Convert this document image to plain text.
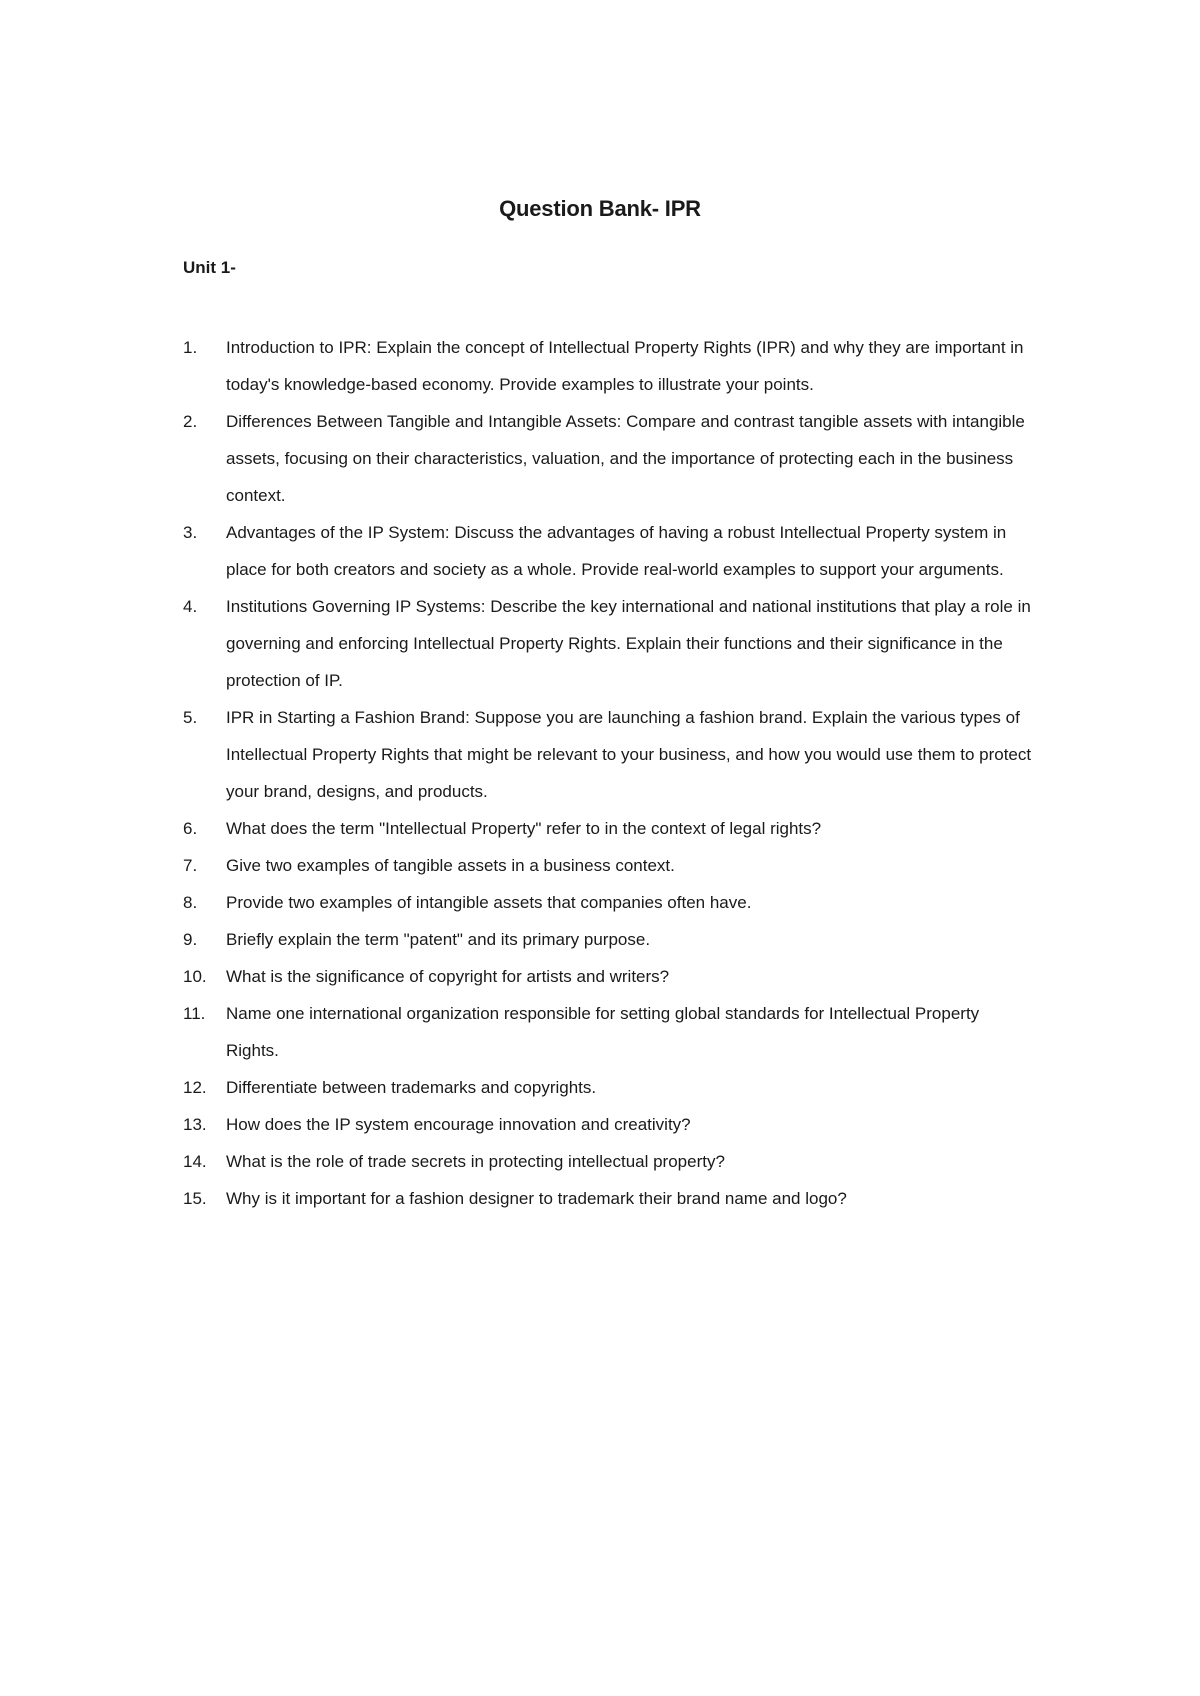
Question Bank- IPR
Unit 1-
1.	Introduction to IPR: Explain the concept of Intellectual Property Rights (IPR) and why they are important in today's knowledge-based economy. Provide examples to illustrate your points.
2.	Differences Between Tangible and Intangible Assets: Compare and contrast tangible assets with intangible assets, focusing on their characteristics, valuation, and the importance of protecting each in the business context.
3.	Advantages of the IP System: Discuss the advantages of having a robust Intellectual Property system in place for both creators and society as a whole. Provide real-world examples to support your arguments.
4.	Institutions Governing IP Systems: Describe the key international and national institutions that play a role in governing and enforcing Intellectual Property Rights. Explain their functions and their significance in the protection of IP.
5.	IPR in Starting a Fashion Brand: Suppose you are launching a fashion brand. Explain the various types of Intellectual Property Rights that might be relevant to your business, and how you would use them to protect your brand, designs, and products.
6.	What does the term "Intellectual Property" refer to in the context of legal rights?
7.	Give two examples of tangible assets in a business context.
8.	Provide two examples of intangible assets that companies often have.
9.	Briefly explain the term "patent" and its primary purpose.
10.	What is the significance of copyright for artists and writers?
11.	Name one international organization responsible for setting global standards for Intellectual Property Rights.
12.	Differentiate between trademarks and copyrights.
13.	How does the IP system encourage innovation and creativity?
14.	What is the role of trade secrets in protecting intellectual property?
15.	Why is it important for a fashion designer to trademark their brand name and logo?
